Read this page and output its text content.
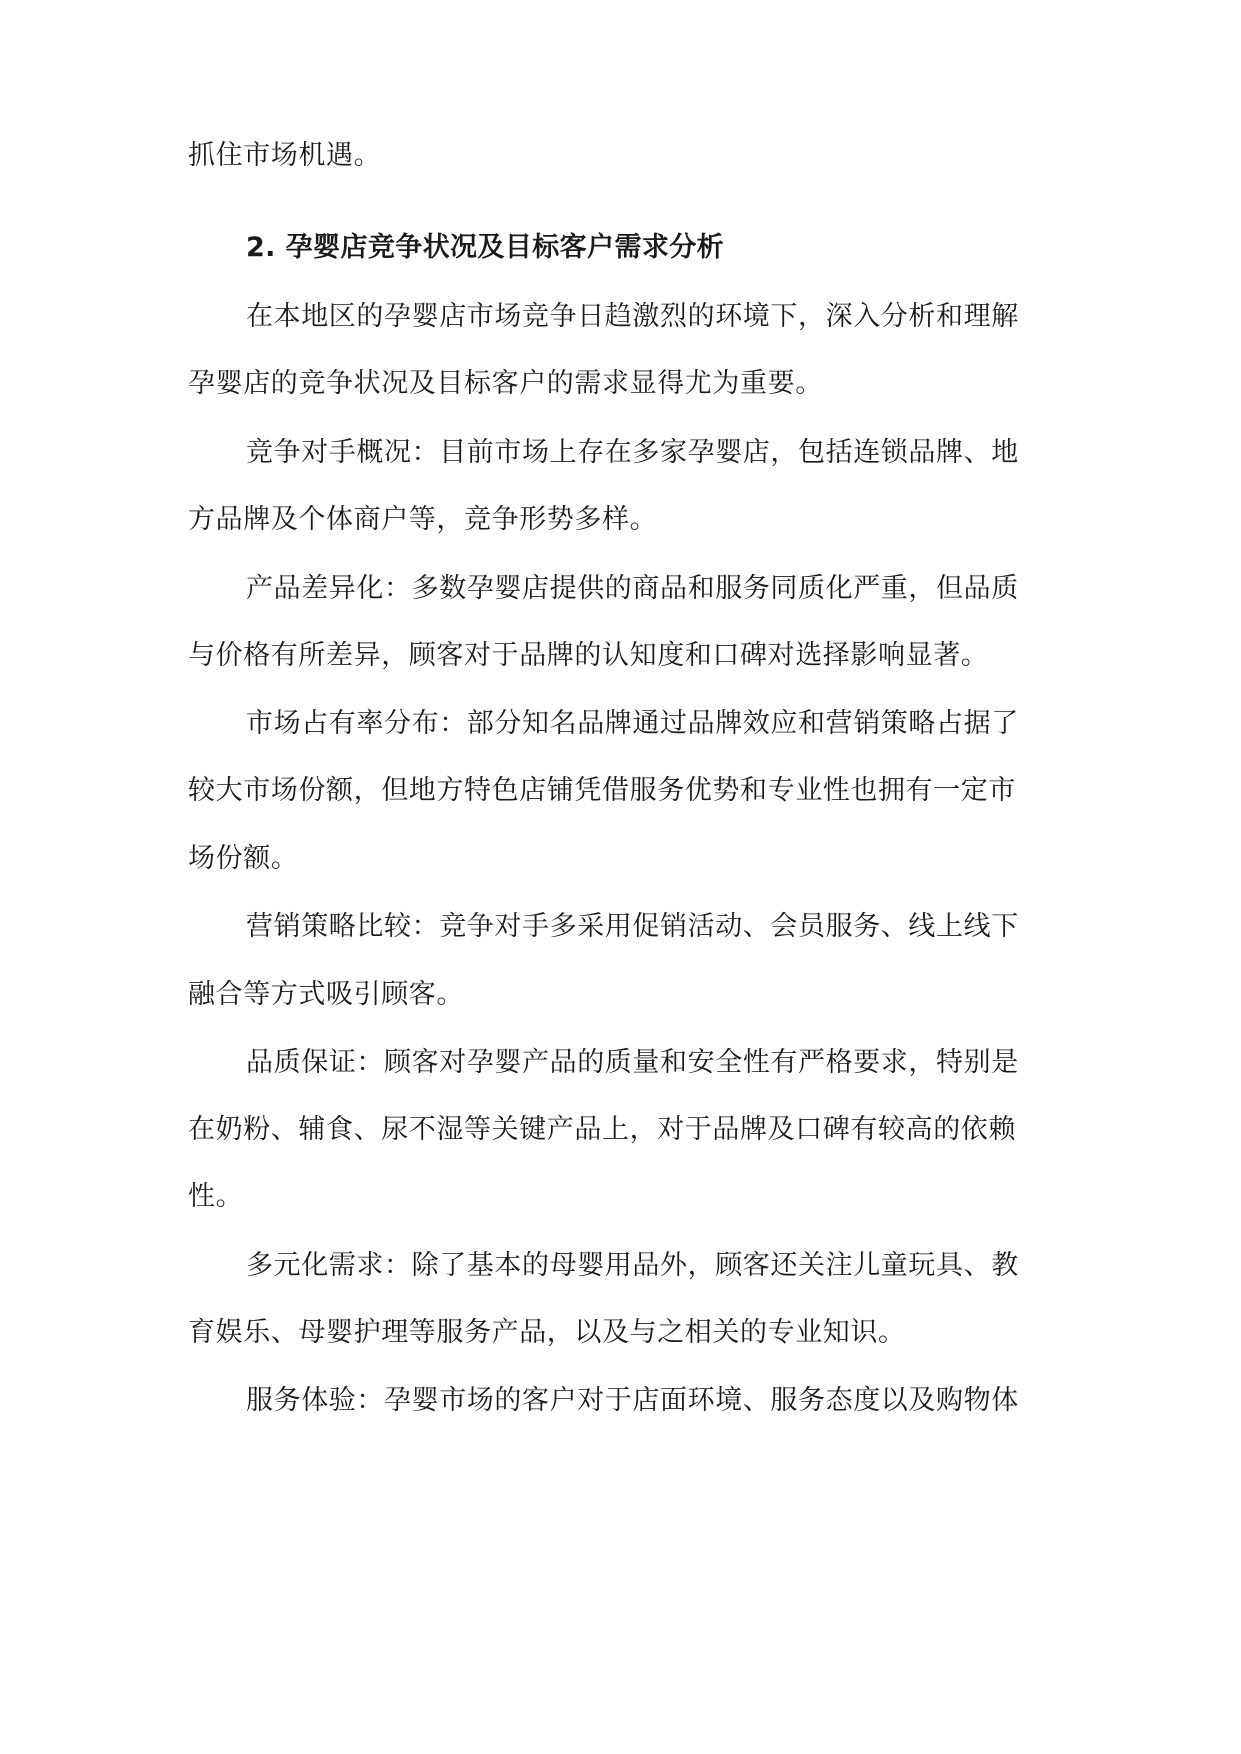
抓住市场机遇。
2. 孕婴店竞争状况及目标客户需求分析
在本地区的孕婴店市场竞争日趋激烈的环境下，深入分析和理解
孕婴店的竞争状况及目标客户的需求显得尤为重要。
竞争对手概况：目前市场上存在多家孕婴店，包括连锁品牌、地
方品牌及个体商户等，竞争形势多样。
产品差异化：多数孕婴店提供的商品和服务同质化严重，但品质
与价格有所差异，顾客对于品牌的认知度和口碑对选择影响显著。
市场占有率分布：部分知名品牌通过品牌效应和营销策略占据了
较大市场份额，但地方特色店铺凭借服务优势和专业性也拥有一定市
场份额。
营销策略比较：竞争对手多采用促销活动、会员服务、线上线下
融合等方式吸引顾客。
品质保证：顾客对孕婴产品的质量和安全性有严格要求，特别是
在奶粉、辅食、尿不湿等关键产品上，对于品牌及口碑有较高的依赖
性。
多元化需求：除了基本的母婴用品外，顾客还关注儿童玩具、教
育娱乐、母婴护理等服务产品，以及与之相关的专业知识。
服务体验：孕婴市场的客户对于店面环境、服务态度以及购物体
